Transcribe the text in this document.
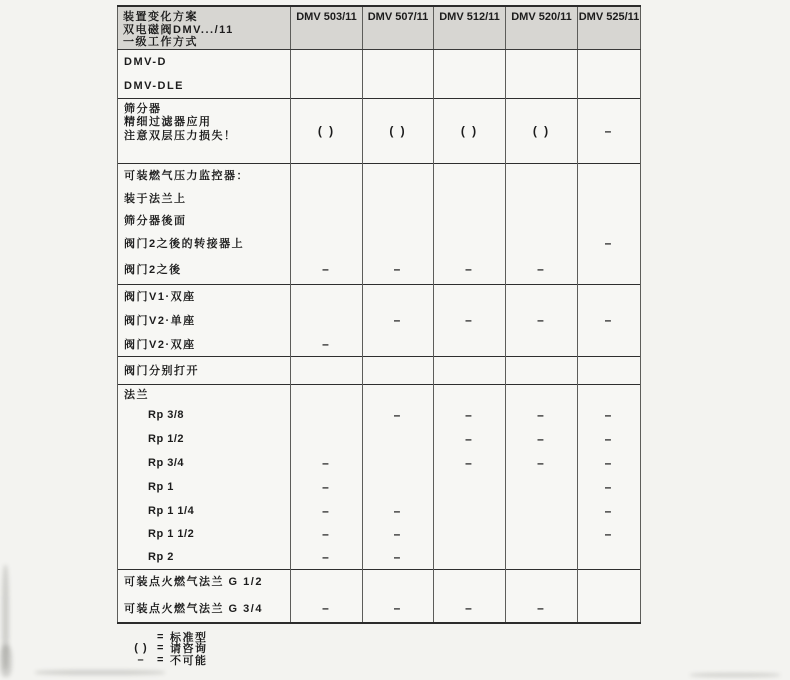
装置变化方案
双电磁阀DMV.../11
一级工作方式	DMV 503/11	DMV 507/11	DMV 512/11	DMV 520/11	DMV 525/11
DMV-D					
DMV-DLE					

筛分器
精细过滤器应用
注意双层压力损失！	( )	( )	( )	( )	–
可装燃气压力监控器：					
装于法兰上					
筛分器後面					
阀门2之後的转接器上					–
阀门2之後	–	–	–	–	
阀门V1·双座					
阀门V2·单座		–	–	–	–
阀门V2·双座	–				
阀门分别打开					
法兰					
Rp 3/8		–	–	–	–
Rp 1/2			–	–	–
Rp 3/4	–		–	–	–
Rp 1	–				–
Rp 1 1/4	–	–			–
Rp 1 1/2	–	–			–
Rp 2	–	–			
可装点火燃气法兰 G 1/2					
可装点火燃气法兰 G 3/4	–	–	–	–	
= 标准型
( ) = 请咨询
–	= 不可能
